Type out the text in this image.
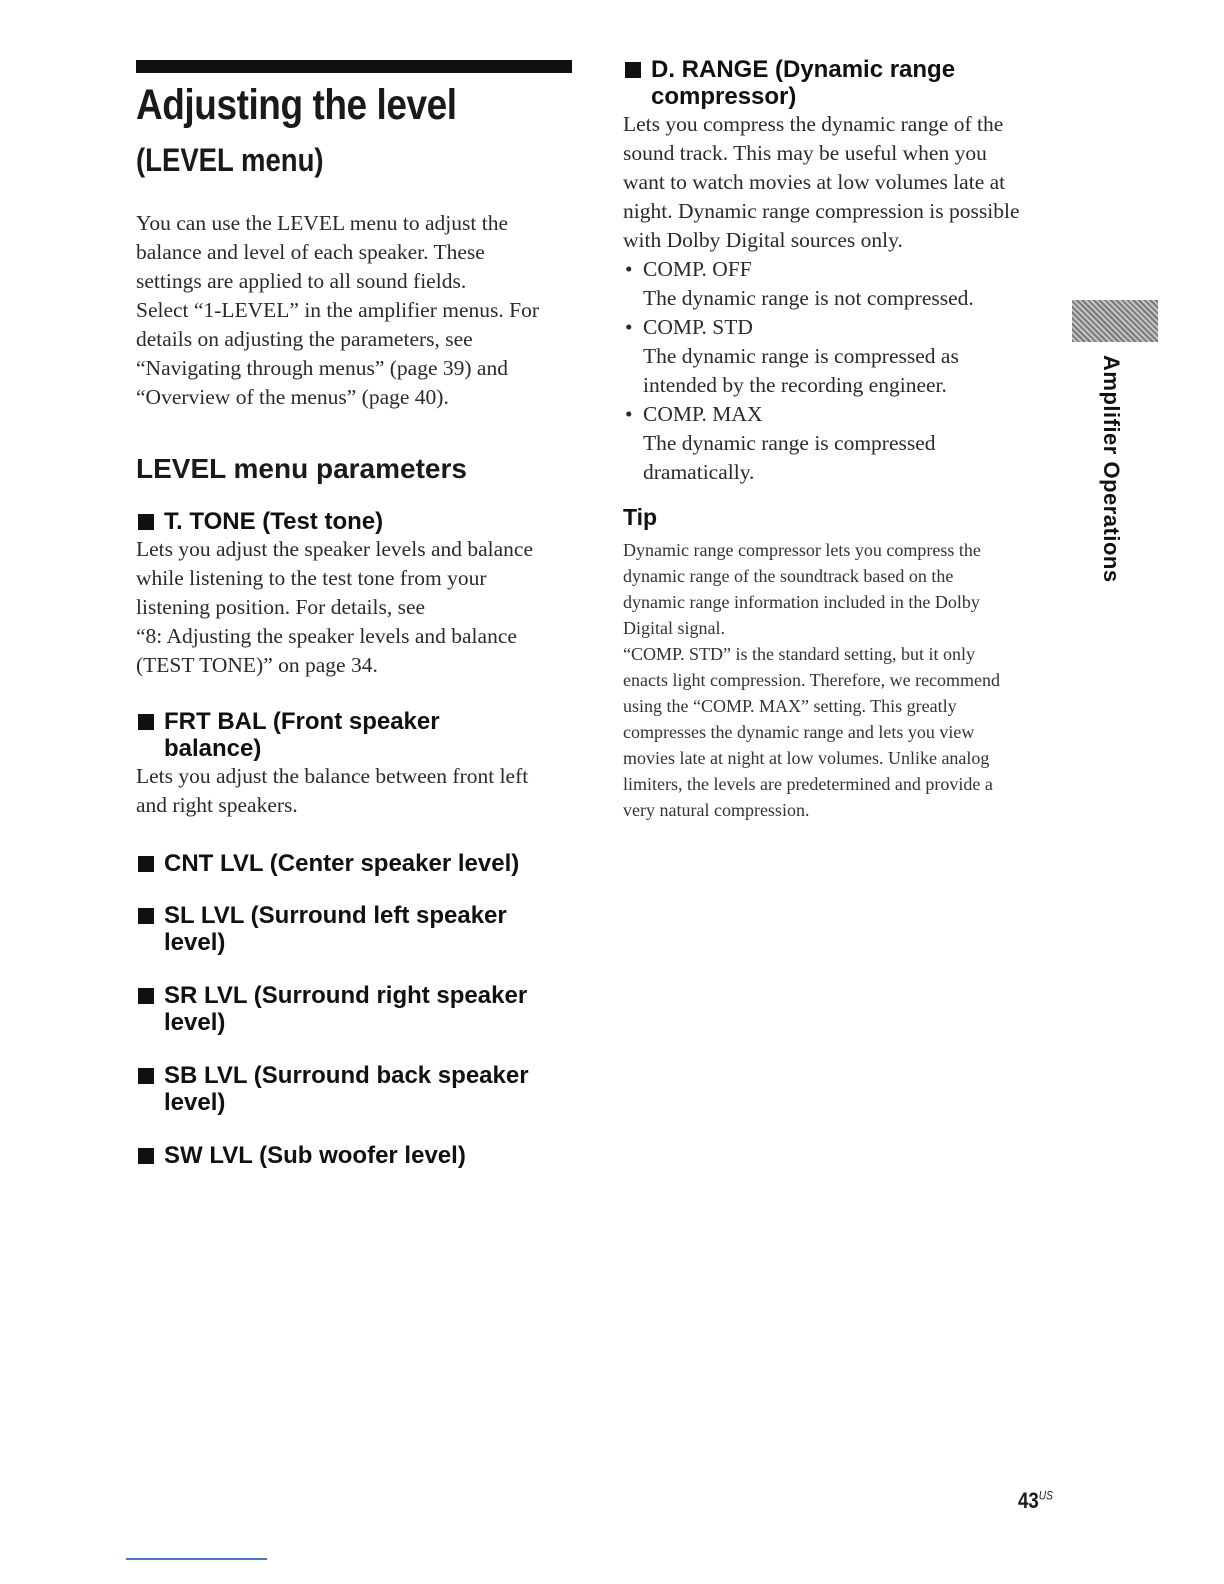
Adjusting the level
(LEVEL menu)

You can use the LEVEL menu to adjust the

balance and level of each speaker. These

settings are applied to all sound fields.

Select “1-LEVEL” in the amplifier menus. For

details on adjusting the parameters, see

“Navigating through menus” (page 39) and

“Overview of the menus” (page 40).

LEVEL menu parameters
T. TONE (Test tone)

Lets you adjust the speaker levels and balance

while listening to the test tone from your

listening position. For details, see

“8: Adjusting the speaker levels and balance

(TEST TONE)” on page 34.

FRT BAL (Front speaker
balance)

Lets you adjust the balance between front left

and right speakers.

CNT LVL (Center speaker level)
SL LVL (Surround left speaker
level)
SR LVL (Surround right speaker
level)
SB LVL (Surround back speaker
level)
SW LVL (Sub woofer level)
D. RANGE (Dynamic range
compressor)

Lets you compress the dynamic range of the

sound track. This may be useful when you

want to watch movies at low volumes late at

night. Dynamic range compression is possible

with Dolby Digital sources only.

• COMP. OFF

The dynamic range is not compressed.

• COMP. STD

The dynamic range is compressed as

intended by the recording engineer.

• COMP. MAX

The dynamic range is compressed

dramatically.

Tip

Dynamic range compressor lets you compress the

dynamic range of the soundtrack based on the

dynamic range information included in the Dolby

Digital signal.

“COMP. STD” is the standard setting, but it only

enacts light compression. Therefore, we recommend

using the “COMP. MAX” setting. This greatly

compresses the dynamic range and lets you view

movies late at night at low volumes. Unlike analog

limiters, the levels are predetermined and provide a

very natural compression.

Amplifier Operations
$43^{US}$
